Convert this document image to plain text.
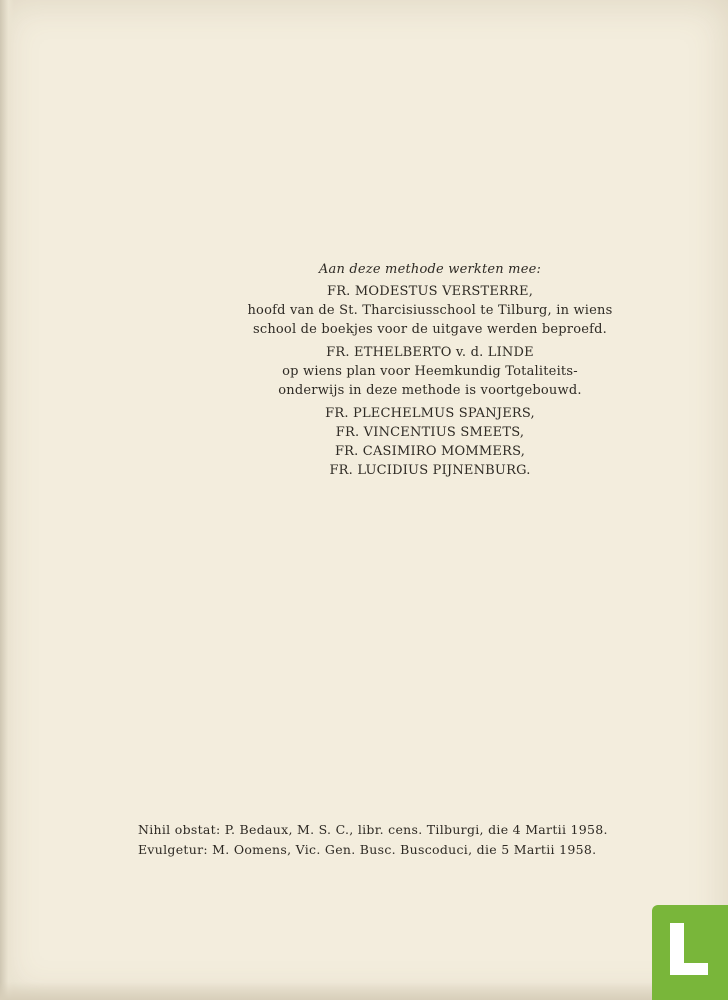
Aan deze methode werkten mee:
FR. MODESTUS VERSTERRE,
hoofd van de St. Tharcisiusschool te Tilburg, in wiens
school de boekjes voor de uitgave werden beproefd.
FR. ETHELBERTO v. d. LINDE
op wiens plan voor Heemkundig Totaliteits-
onderwijs in deze methode is voortgebouwd.
FR. PLECHELMUS SPANJERS,
FR. VINCENTIUS SMEETS,
FR. CASIMIRO MOMMERS,
FR. LUCIDIUS PIJNENBURG.
Nihil obstat: P. Bedaux, M. S. C., libr. cens. Tilburgi, die 4 Martii 1958.
Evulgetur: M. Oomens, Vic. Gen. Busc. Buscoduci, die 5 Martii 1958.
